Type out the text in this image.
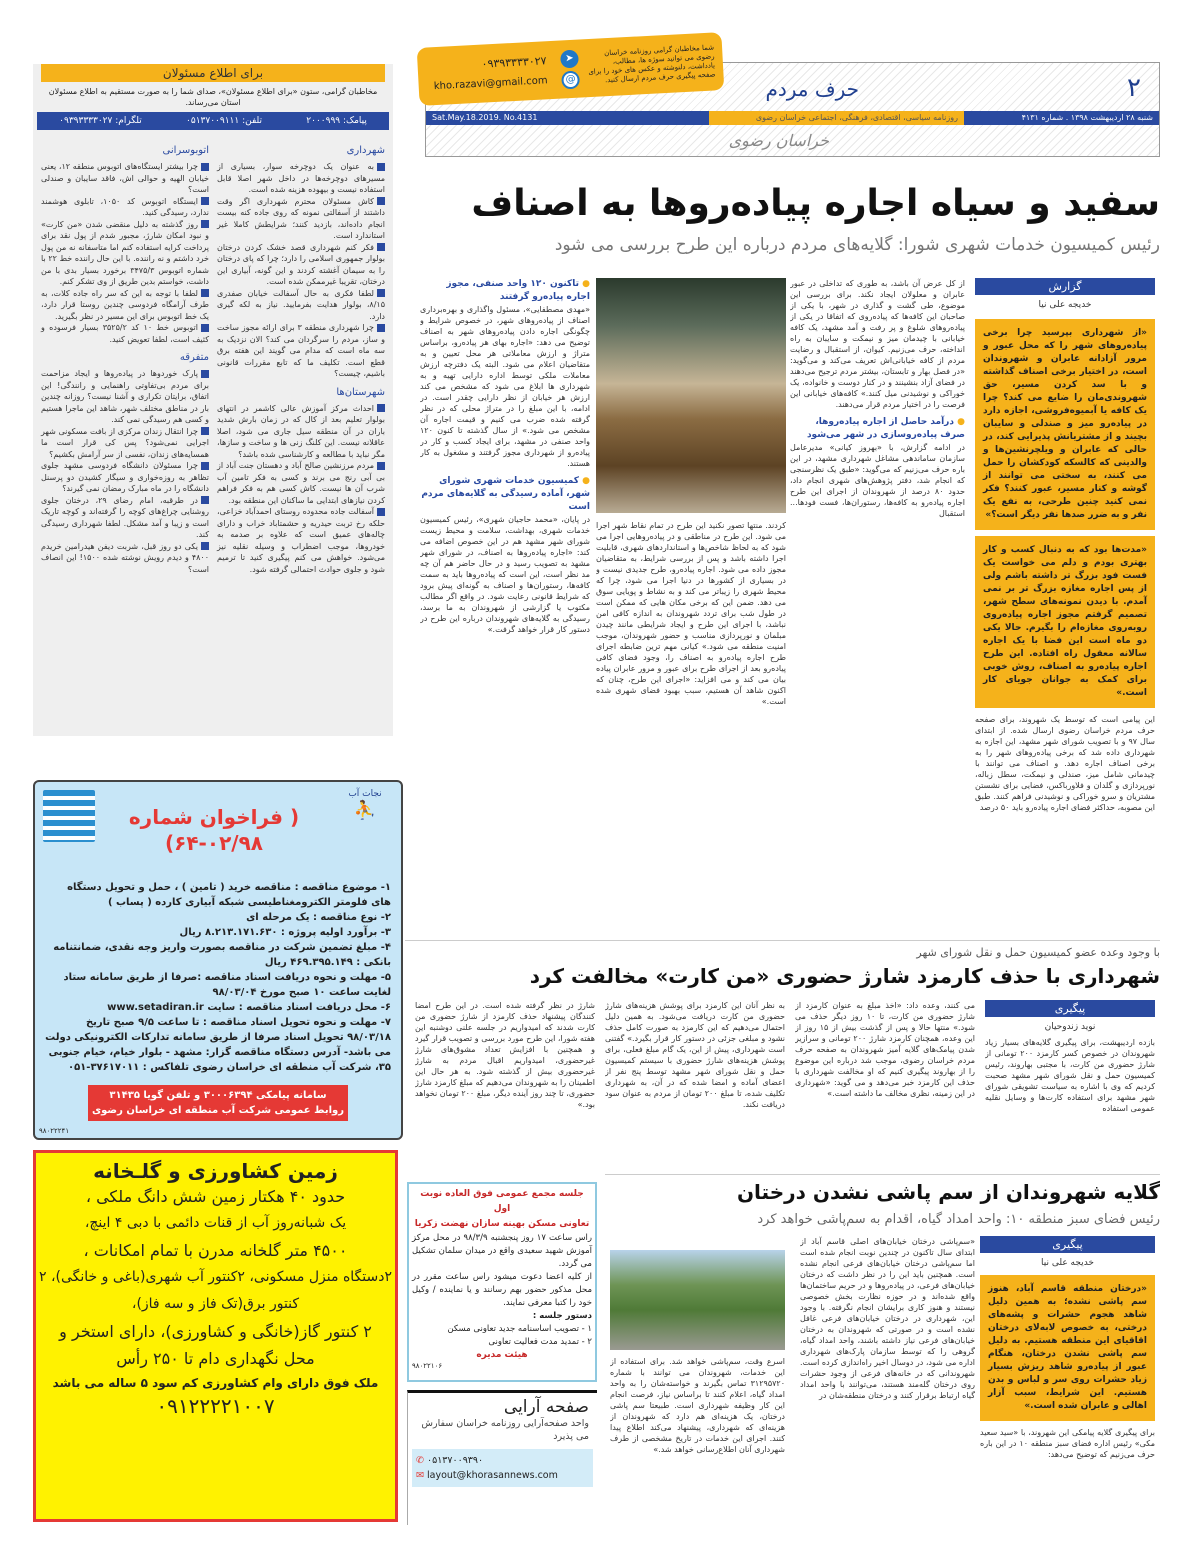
۲
حرف مردم
شنبه ۲۸ اردیبهشت ۱۳۹۸ . شماره ۴۱۳۱
روزنامه سیاسی، اقتصادی، فرهنگی، اجتماعی خراسان رضوی
Sat.May.18.2019. No.4131
خراسان رضوی
شما مخاطبان گرامی روزنامه خراسان رضوی می توانید سوژه ها، مطالب، یادداشت، دلنوشته و عکس های خود را برای صفحه پیگیری حرف مردم ارسال کنید.
➤
@
۰۹۳۹۳۳۳۳۰۲۷
kho.razavi@gmail.com
سفید و سیاه اجاره پیاده‌روها به اصناف
رئیس کمیسیون خدمات شهری شورا: گلایه‌های مردم درباره این طرح بررسی می شود
گزارش
خدیجه علی نیا
«از شهرداری بپرسید چرا برخی پیاده‌روهای شهر را که محل عبور و مرور آزادانه عابران و شهروندان است، در اختیار برخی اصناف گذاشته و با سد کردن مسیر، حق شهروندی‌مان را ضایع می کند؟ چرا یک کافه یا آبمیوه‌فروشی، اجازه دارد در پیاده‌رو میز و صندلی و سایبان بچیند و از مشتریانش پذیرایی کند، در حالی که عابران و ویلچرنشین‌ها و والدینی که کالسکه کودکشان را حمل می کنند، به سختی می توانند از گوشه و کنار مسیر، عبور کنند؟ فکر نمی کنید چنین طرحی، به نفع یک نفر و به ضرر صدها نفر دیگر است؟»
«مدت‌ها بود که به دنبال کسب و کار بهتری بودم و دلم می خواست یک فست فود بزرگ تر داشته باشم ولی از پس اجاره مغازه بزرگ تر بر نمی آمدم. با دیدن نمونه‌های سطح شهر، تصمیم گرفتم مجوز اجاره پیاده‌روی روبه‌روی مغازه‌ام را بگیرم. حالا یکی دو ماه است این فضا با یک اجاره سالانه معقول راه افتاده. این طرح اجاره پیاده‌رو به اصناف، روش خوبی برای کمک به جوانان جویای کار است.»
این پیامی است که توسط یک شهروند، برای صفحه حرف مردم خراسان رضوی ارسال شده. از ابتدای سال ۹۷ و با تصویب شورای شهر مشهد، این اجازه به شهرداری داده شد که برخی پیاده‌روهای شهر را به برخی اصناف اجاره دهد. و اصناف می توانند با چیدمانی شامل میز، صندلی و نیمکت، سطل زباله، نورپردازی و گلدان و فلاورباکس، فضایی برای نشستن مشتریان و سرو خوراکی و نوشیدنی فراهم کنند. طبق این مصوبه، حداکثر فضای اجاره پیاده‌رو باید ۵۰ درصد
از کل عرض آن باشد، به طوری که تداخلی در عبور عابران و معلولان ایجاد نکند. برای بررسی این موضوع، طی گشت و گذاری در شهر، با یکی از صاحبان این کافه‌ها که پیاده‌روی که اتفاقا در یکی از پیاده‌روهای شلوغ و پر رفت و آمد مشهد، یک کافه خیابانی با چیدمان میز و نیمکت و سایبان به راه انداخته، حرف می‌زنیم. کیوان، از استقبال و رضایت مردم از کافه خیابانی‌اش تعریف می‌کند و می‌گوید: «در فصل بهار و تابستان، بیشتر مردم ترجیح می‌دهند در فضای آزاد بنشینند و در کنار دوست و خانواده، یک خوراکی و نوشیدنی میل کنند.» کافه‌های خیابانی این فرصت را در اختیار مردم قرار می‌دهند.
● درآمد حاصل از اجاره پیاده‌روها، صرف پیاده‌روسازی در شهر می‌شود
در ادامه گزارش، با «بهروز کیانی» مدیرعامل سازمان ساماندهی مشاغل شهرداری مشهد، در این باره حرف می‌زنیم که می‌گوید: «طبق یک نظرسنجی که انجام شد، دفتر پژوهش‌های شهری انجام داد، حدود ۸۰ درصد از شهروندان از اجرای این طرح اجاره پیاده‌رو به کافه‌ها، رستوران‌ها، فست فودها... استقبال
کردند. منتها تصور نکنید این طرح در تمام نقاط شهر اجرا می شود. این طرح در مناطقی و در پیاده‌روهایی اجرا می شود که به لحاظ شاخص‌ها و استانداردهای شهری، قابلیت اجرا داشته باشد و پس از بررسی شرایط، به متقاضیان مجوز داده می شود. اجاره پیاده‌رو، طرح جدیدی نیست و در بسیاری از کشورها در دنیا اجرا می شود، چرا که محیط شهری را زیباتر می کند و به نشاط و پویایی سوق می دهد. ضمن این که برخی مکان هایی که ممکن است در طول شب برای تردد شهروندان به اندازه کافی امن نباشد، با اجرای این طرح و ایجاد شرایطی مانند چیدن مبلمان و نورپردازی مناسب و حضور شهروندان، موجب امنیت منطقه می شود.» کیانی مهم ترین ضابطه اجرای طرح اجاره پیاده‌رو به اصناف را، وجود فضای کافی پیاده‌رو بعد از اجرای طرح برای عبور و مرور عابران پیاده بیان می کند و می افزاید: «اجرای این طرح، چنان که اکنون شاهد آن هستیم، سبب بهبود فضای شهری شده است.»
● تاکنون ۱۲۰ واحد صنفی، مجوز اجاره پیاده‌رو گرفتند
«مهدی مصطفایی»، مسئول واگذاری و بهره‌برداری اصناف از پیاده‌روهای شهر، در خصوص شرایط و چگونگی اجاره دادن پیاده‌روهای شهر به اصناف توضیح می دهد: «اجاره بهای هر پیاده‌رو، براساس متراژ و ارزش معاملاتی هر محل تعیین و به متقاضیان اعلام می شود. البته یک دفترچه ارزش معاملات ملکی توسط اداره دارایی تهیه و به شهرداری ها ابلاغ می شود که مشخص می کند ارزش هر خیابان از نظر دارایی چقدر است. در ادامه، با این مبلغ را در متراژ محلی که در نظر گرفته شده ضرب می کنیم و قیمت اجاره آن مشخص می شود.» از سال گذشته تا کنون ۱۲۰ واحد صنفی در مشهد، برای ایجاد کسب و کار در پیاده‌رو از شهرداری مجوز گرفتند و مشغول به کار هستند.
● کمیسیون خدمات شهری شورای شهر، آماده رسیدگی به گلایه‌های مردم است
در پایان، «محمد حاجیان شهری»، رئیس کمیسیون خدمات شهری، بهداشت، سلامت و محیط زیست شورای شهر مشهد هم در این خصوص اضافه می کند: «اجاره پیاده‌روها به اصناف، در شورای شهر مشهد به تصویب رسید و در حال حاضر هم آن چه مد نظر است، این است که پیاده‌روها باید به سمت کافه‌ها، رستوران‌ها و اصناف به گونه‌ای پیش برود که شرایط قانونی رعایت شود. در واقع اگر مطالب مکتوب یا گزارشی از شهروندان به ما برسد، رسیدگی به گلایه‌های شهروندان درباره این طرح در دستور کار قرار خواهد گرفت.»
با وجود وعده عضو کمیسیون حمل و نقل شورای شهر
شهرداری با حذف کارمزد شارژ حضوری «من کارت» مخالفت کرد
پیگیری
نوید زندوحیان
بازده اردیبهشت، برای پیگیری گلایه‌های بسیار زیاد شهروندان در خصوص کسر کارمزد ۲۰۰ تومانی از شارژ حضوری من کارت، با مجتبی بهاروند، رئیس کمیسیون حمل و نقل شورای شهر مشهد صحبت کردیم که وی با اشاره به سیاست تشویقی شورای شهر مشهد برای استفاده کارت‌ها و وسایل نقلیه عمومی استفاده
می کنند، وعده داد: «اخذ مبلغ به عنوان کارمزد از شارژ حضوری من کارت، تا ۱۰ روز دیگر حذف می شود.» منتها حالا و پس از گذشت بیش از ۱۵ روز از این وعده، همچنان کارمزد شارژ ۲۰۰ تومانی و سرازیر شدن پیامک‌های گلایه آمیز شهروندان به صفحه حرف مردم خراسان رضوی، موجب شد درباره این موضوع را از بهاروند پیگیری کنیم که او مخالفت شهرداری با حذف این کارمزد خبر می‌دهد و می گوید: «شهرداری در این زمینه، نظری مخالف ما داشته است.»
به نظر آنان این کارمزد برای پوشش هزینه‌های شارژ حضوری من کارت دریافت می‌شود. به همین دلیل احتمال می‌دهیم که این کارمزد به صورت کامل حذف نشود و مبلغی جزئی در دستور کار قرار بگیرد.» گفتنی است شهرداری، پیش از این، یک گام مبلغ فعلی، برای پوشش هزینه‌های شارژ حضوری با سیستم کمیسیون حمل و نقل شورای شهر مشهد توسط پنج نفر از اعضای آماده و امضا شده که در آن، به شهرداری تکلیف شده، تا مبلغ ۲۰۰ تومان از مردم به عنوان سود دریافت نکند.
شارژ در نظر گرفته شده است. در این طرح امضا کنندگان پیشنهاد حذف کارمزد از شارژ حضوری من کارت شدند که امیدواریم در جلسه علنی دوشنبه این هفته شورا، این طرح مورد بررسی و تصویب قرار گیرد و همچنین با افزایش تعداد مشوق‌های شارژ غیرحضوری، امیدواریم اقبال مردم به شارژ غیرحضوری بیش از گذشته شود. به هر حال این اطمینان را به شهروندان می‌دهیم که مبلغ کارمزد شارژ حضوری، تا چند روز آینده دیگر، مبلغ ۲۰۰ تومان نخواهد بود.»
گلایه شهروندان از سم پاشی نشدن درختان
رئیس فضای سبز منطقه ۱۰: واحد امداد گیاه، اقدام به سم‌پاشی خواهد کرد
پیگیری
خدیجه علی نیا
«درختان منطقه قاسم آباد، هنوز سم پاشی نشده؛ به همین دلیل شاهد هجوم حشرات و پشه‌های درختی، به خصوص لابه‌لای درختان اقاقیای این منطقه هستیم. به دلیل سم پاشی نشدن درختان، هنگام عبور از پیاده‌رو شاهد ریزش بسیار زیاد حشرات روی سر و لباس و بدن هستیم. این شرایط، سبب آزار اهالی و عابران شده است.»
برای پیگیری گلایه پیامکی این شهروند، با «سید سعید مکی» رئیس اداره فضای سبز منطقه ۱۰ در این باره حرف می‌زنیم که توضیح می‌دهد:
«سم‌پاشی درختان خیابان‌های اصلی قاسم آباد از ابتدای سال تاکنون در چندین نوبت انجام شده است اما سم‌پاشی درختان خیابان‌های فرعی انجام نشده است. همچنین باید این را در نظر داشت که درختان خیابان‌های فرعی، در پیاده‌روها و در حریم ساختمان‌ها واقع شده‌اند و در حوزه نظارت بخش خصوصی نیستند و هنوز کاری برایشان انجام نگرفته. با وجود این، شهرداری در درختان خیابان‌های فرعی غافل نشده است و در صورتی که شهروندان به درختان خیابان‌های فرعی نیاز داشته باشند، واحد امداد گیاه، گروهی را که توسط سازمان پارک‌های شهرداری اداره می شود، در دوسال اخیر راه‌اندازی کرده است. شهروندانی که در خانه‌های فرعی از وجود حشرات روی درختان گله‌مند هستند، می‌توانند با واحد امداد گیاه ارتباط برقرار کنند و درختان منطقه‌شان در
اسرع وقت، سم‌پاشی خواهد شد. برای استفاده از این خدمات، شهروندان می توانند با شماره ۳۱۲۹۵۷۲۰ تماس بگیرند و خواسته‌شان را به واحد امداد گیاه، اعلام کنند تا براساس نیاز، فرصت انجام این کار وظیفه شهرداری است. طبیعتا سم پاشی درختان، یک هزینه‌ای هم دارد که شهروندان از هزینه‌ای که شهرداری، پیشنهاد می‌کند اطلاع پیدا کنند. اجرای این خدمات در تاریخ مشخصی از طرف شهرداری آنان اطلاع‌رسانی خواهد شد.»
برای اطلاع مسئولان
مخاطبان گرامی، ستون «برای اطلاع مسئولان»، صدای شما را به صورت مستقیم به اطلاع مسئولان استان می‌رساند.
پیامک: ۲۰۰۰۹۹۹
تلفن: ۰۵۱۳۷۰۰۹۱۱۱
تلگرام: ۰۹۳۹۳۳۳۳۰۲۷
شهرداری
به عنوان یک دوچرخه سوار، بسیاری از مسیرهای دوچرخه‌ها در داخل شهر اصلا قابل استفاده نیست و بیهوده هزینه شده است.
کاش مسئولان محترم شهرداری اگر وقت داشتند از آسفالتی نمونه که روی جاده کنه بیست انجام داده‌اند، بازدید کنند؛ شرایطش کاملا غیر استاندارد است.
فکر کنم شهرداری قصد خشک کردن درختان بولوار جمهوری اسلامی را دارد؛ چرا که پای درختان را به سیمان آغشته کردند و این گونه، آبیاری این درختان، تقریبا غیرممکن شده است.
لطفا فکری به حال آسفالت خیابان صفدری ۸/۱۵، بولوار هدایت بفرمایید. نیاز به لکه گیری دارد.
چرا شهرداری منطقه ۳ برای ارائه مجوز ساخت و ساز، مردم را سرگردان می کند؟ الان نزدیک به سه ماه است که مدام می گویند این هفته برق قطع است. تکلیف ما که تابع مقررات قانونی باشیم، چیست؟
شهرستان‌ها
احداث مرکز آموزش عالی کاشمر در انتهای بولوار تعلیم بعد از کال که در زمان بارش شدید باران در آن منطقه سیل جاری می شود، اصلا عاقلانه نیست. این کلنگ زنی ها و ساخت و سازها، مگر نباید با مطالعه و کارشناسی شده باشد؟
مردم مرزنشین صالح آباد و دهستان جنت آباد از بی آبی رنج می برند و کسی به فکر تامین آب شرب آن ها نیست. کاش کسی هم به فکر فراهم کردن نیازهای ابتدایی ما ساکنان این منطقه بود.
آسفالت جاده محدوده روستای احمدآباد خزاعی، حلکه رخ تربت حیدریه و حشمتاباد خراب و دارای چاله‌های عمیق است که علاوه بر صدمه به خودروها، موجب اضطراب و وسیله نقلیه نیز می‌شود. خواهش می کنم پیگیری کنید تا ترمیم شود و جلوی حوادث احتمالی گرفته شود.
اتوبوسرانی
چرا بیشتر ایستگاه‌های اتوبوس منطقه ۱۲، یعنی خیابان الهیه و حوالی اش، فاقد سایبان و صندلی است؟
ایستگاه اتوبوس کد ۱۰۵۰، تابلوی هوشمند ندارد، رسیدگی کنید.
روز گذشته به دلیل منقضی شدن «من کارت» و نبود امکان شارژ، مجبور شدم از پول نقد برای پرداخت کرایه استفاده کنم اما متاسفانه نه من پول خرد داشتم و نه راننده. با این حال راننده خط ۲۲ با شماره اتوبوس ۳۴۷۵/۳ برخورد بسیار بدی با من داشت، خواستم بدین طریق از وی تشکر کنم.
لطفا با توجه به این که سر راه جاده کلات، به طرف آرامگاه فردوسی چندین روستا قرار دارد، یک خط اتوبوس برای این مسیر در نظر بگیرید.
اتوبوس خط ۱۰ کد ۳۵۲۵/۲ بسیار فرسوده و کثیف است، لطفا تعویض کنید.
متفرقه
پارک خوردوها در پیاده‌روها و ایجاد مزاحمت برای مردم بی‌تفاوتی راهنمایی و رانندگی! این اتفاق، برایتان تکراری و آشنا نیست؟ روزانه چندین بار در مناطق مختلف شهر، شاهد این ماجرا هستیم و کسی هم رسیدگی نمی کند.
چرا انتقال زندان مرکزی از بافت مسکونی شهر اجرایی نمی‌شود؟ پس کی قرار است ما همسایه‌های زندان، نفسی از سر آرامش بکشیم؟
چرا مسئولان دانشگاه فردوسی مشهد جلوی تظاهر به روزه‌خواری و سیگار کشیدن دو پرسنل دانشگاه را در ماه مبارک رمضان نمی گیرند؟
در طرقبه، امام رضای ۲۹، درختان جلوی روشنایی چراغ‌های کوچه را گرفته‌اند و کوچه تاریک است و زیبا و آمد مشکل. لطفا شهرداری رسیدگی کند.
یکی دو روز قبل، شربت دیفن هیدرامین خریدم ۴۸۰۰ و دیدم رویش نوشته شده ۱۵۰۰! این انصاف است؟
نجات آب
⛹
( فراخوان شماره ۰۲/۹۸-۶۴)
۱- موضوع مناقصه : مناقصه خرید ( تامین ) ، حمل و تحویل دستگاه های فلومتر الکترومغناطیسی شبکه آبیاری کارده ( پساب )
۲- نوع مناقصه : یک مرحله ای
۳- برآورد اولیه پروژه : ۸.۲۱۳.۱۷۱.۶۳۰ ریال
۴- مبلغ تضمین شرکت در مناقصه بصورت واریز وجه نقدی، ضمانتنامه بانکی : ۴۶۹.۳۹۵.۱۴۹ ریال
۵- مهلت و نحوه دریافت اسناد مناقصه :صرفا از طریق سامانه ستاد لغایت ساعت ۱۰ صبح مورخ ۹۸/۰۳/۰۴
۶- محل دریافت اسناد مناقصه : سایت www.setadiran.ir
۷- مهلت و نحوه تحویل اسناد مناقصه : تا ساعت ۹/۵ صبح تاریخ ۹۸/۰۳/۱۸ تحویل اسناد صرفا از طریق سامانه تدارکات الکترونیکی دولت می باشد- آدرس دستگاه مناقصه گزار: مشهد - بلوار خیام، خیام جنوبی ۳۵، شرکت آب منطقه ای خراسان رضوی تلفاکس : ۳۷۶۱۷۰۱۱-۰۵۱
سامانه پیامکی ۳۰۰۰۶۳۹۴ و تلفن گویا ۳۱۴۳۵
روابط عمومی شرکت آب منطقه ای خراسان رضوی
۹۸۰۲۲۲۴۱
زمین کشاورزی و گلـخانه
حدود ۴۰ هکتار زمین شش دانگ ملکی ،
یک شبانه‌روز آب از قنات دائمی با دبی ۴ اینچ،
۴۵۰۰ متر گلخانه مدرن با تمام امکانات ،
۲دستگاه منزل مسکونی، ۲کنتور آب شهری(باغی و خانگی)، ۲ کنتور برق(تک فاز و سه فاز)،
۲ کنتور گاز(خانگی و کشاورزی)، دارای استخر و
محل نگهداری دام تا ۲۵۰ رأس
ملک فوق دارای وام کشاورزی کم سود ۵ ساله می باشد
۰۹۱۲۲۲۲۱۰۰۷
جلسه مجمع عمومی فوق العاده نوبت اول
تعاونی مسکن بهینه سازان نهضت زکریا
راس ساعت ۱۷ روز پنجشنبه ۹۸/۳/۹ در محل مرکز آموزش شهید سعیدی واقع در میدان سلمان تشکیل می گردد.
از کلیه اعضا دعوت میشود راس ساعت مقرر در محل مذکور حضور بهم رسانند و یا نماینده / وکیل خود را کتبا معرفی نمایند.
دستور جلسه :
۱ - تصویب اساسنامه جدید تعاونی مسکن
۲ - تمدید مدت فعالیت تعاونی
هیئت مدیره
۹۸۰۲۲۱۰۶
صفحه آرایی
واحد صفحه‌آرایی روزنامه خراسان سفارش می پذیرد
✆ ۰۵۱۳۷۰۰۹۳۹۰
✉ layout@khorasannews.com
